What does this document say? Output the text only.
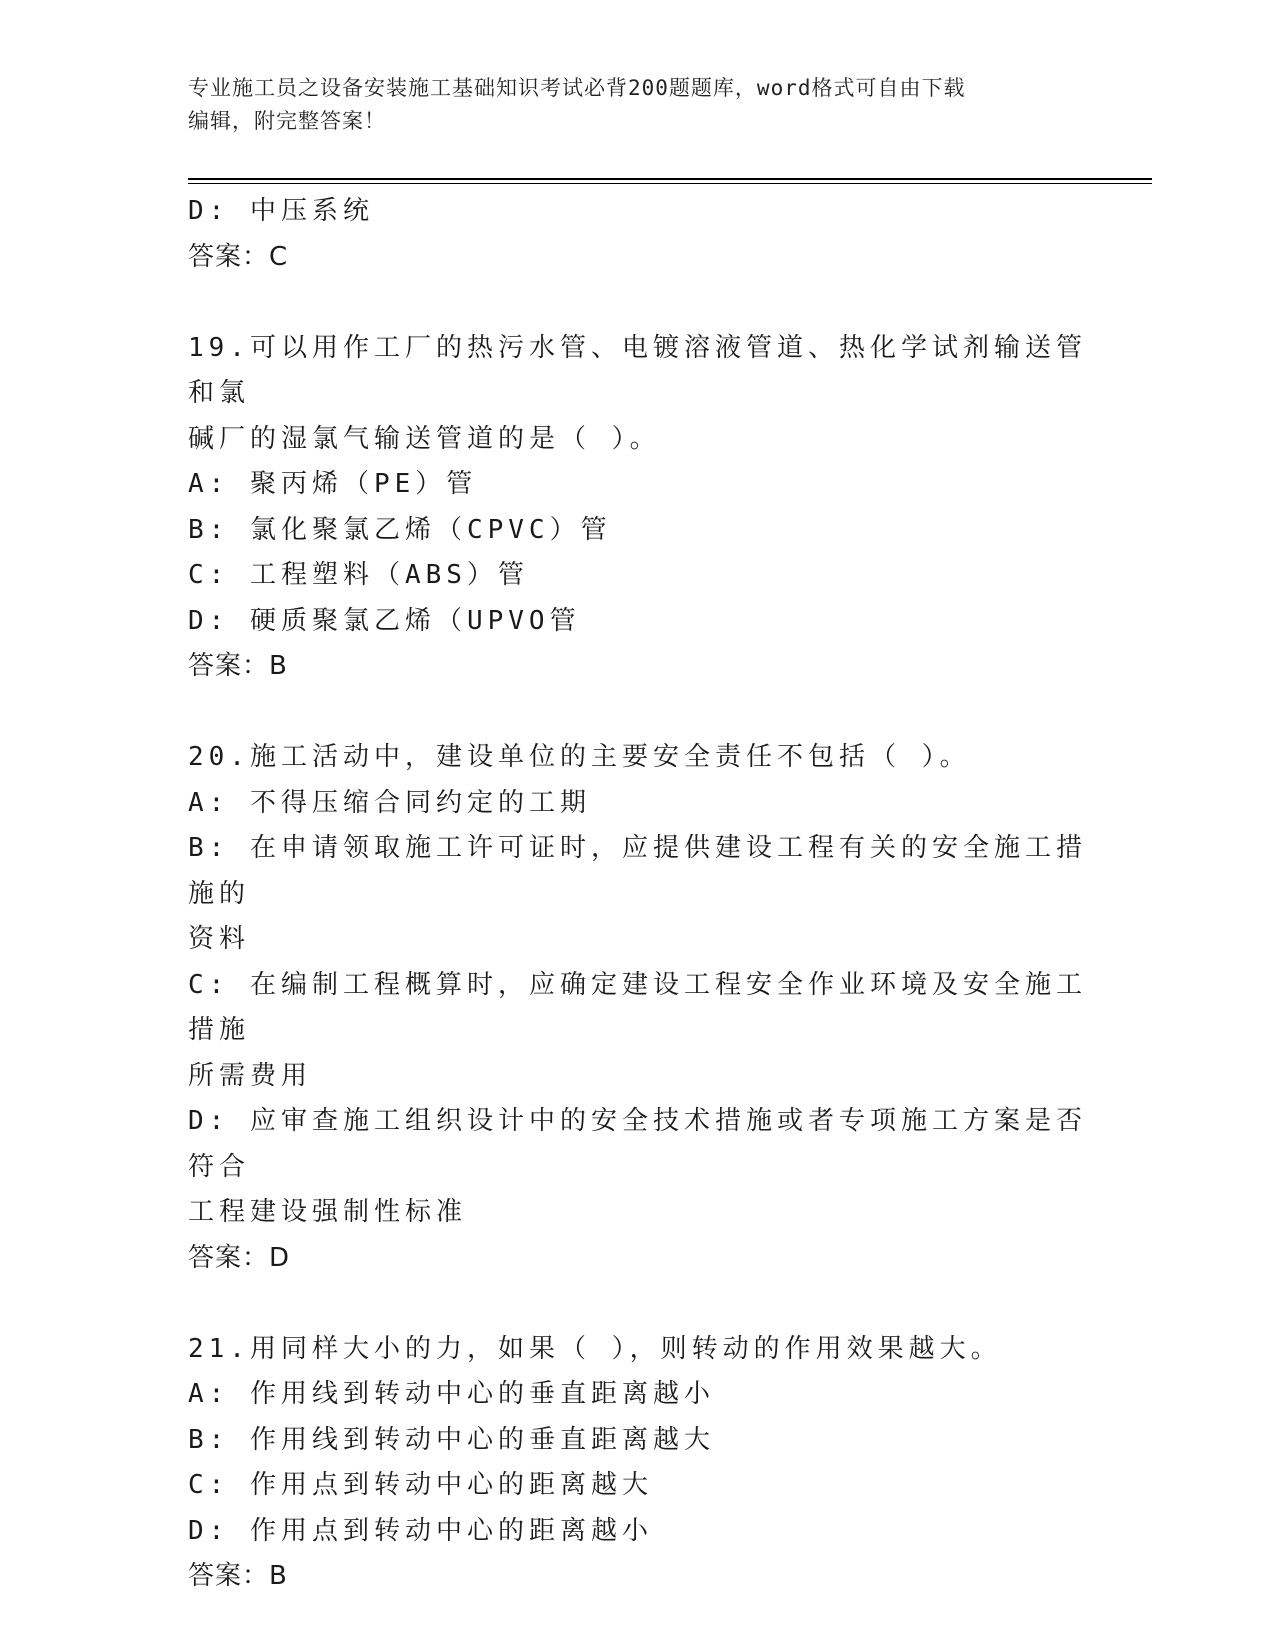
专业施工员之设备安装施工基础知识考试必背200题题库，word格式可自由下载
编辑，附完整答案！

D: 中压系统

答案：C

19.可以用作工厂的热污水管、电镀溶液管道、热化学试剂输送管和氯

碱厂的湿氯气输送管道的是（ ）。

A: 聚丙烯（PE）管

B: 氯化聚氯乙烯（CPVC）管

C: 工程塑料（ABS）管

D: 硬质聚氯乙烯（UPVO管

答案：B

20.施工活动中，建设单位的主要安全责任不包括（ ）。

A: 不得压缩合同约定的工期

B: 在申请领取施工许可证时，应提供建设工程有关的安全施工措施的

资料

C: 在编制工程概算时，应确定建设工程安全作业环境及安全施工措施

所需费用

D: 应审查施工组织设计中的安全技术措施或者专项施工方案是否符合

工程建设强制性标准

答案：D

21.用同样大小的力，如果（ ），则转动的作用效果越大。

A: 作用线到转动中心的垂直距离越小

B: 作用线到转动中心的垂直距离越大

C: 作用点到转动中心的距离越大

D: 作用点到转动中心的距离越小

答案：B
